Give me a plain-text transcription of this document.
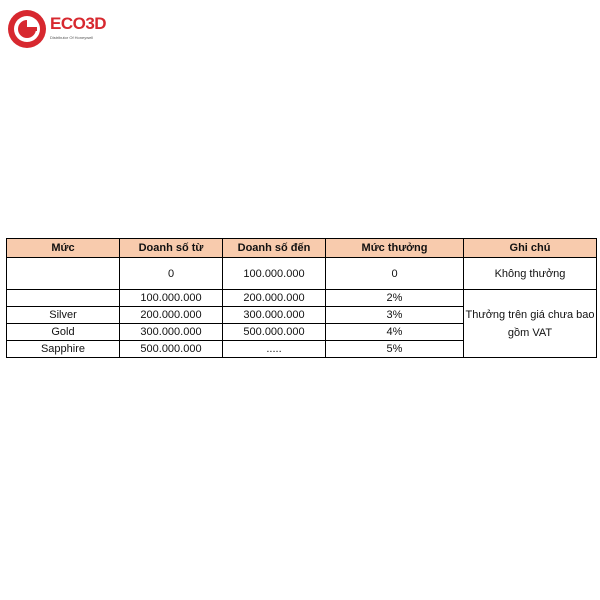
ECO3D
Distributor Of Honeywell
Mức	Doanh số từ	Doanh số đến	Mức thưởng	Ghi chú
	0	100.000.000	0	Không thưởng
	100.000.000	200.000.000	2%	Thưởng trên giá chưa bao gồm VAT
Silver	200.000.000	300.000.000	3%	
Gold	300.000.000	500.000.000	4%	
Sapphire	500.000.000	.....	5%	
